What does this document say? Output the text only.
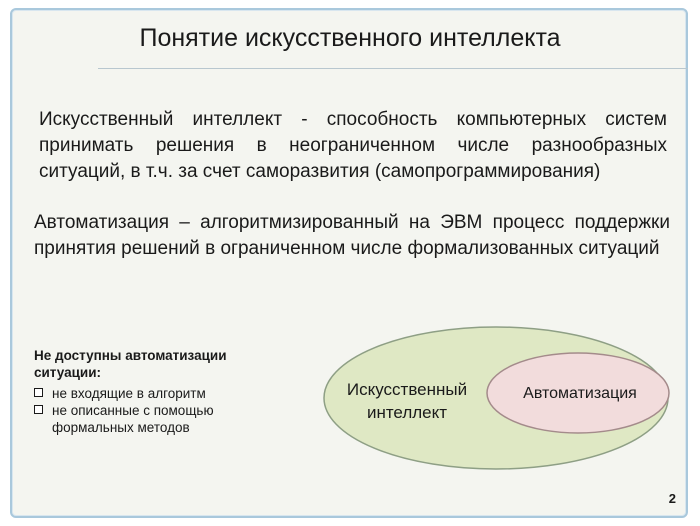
Понятие искусственного интеллекта
Искусственный интеллект - способность компьютерных систем принимать решения в неограниченном числе разнообразных ситуаций, в т.ч. за счет саморазвития (самопрограммирования)
Автоматизация – алгоритмизированный на ЭВМ процесс поддержки принятия решений в ограниченном числе формализованных ситуаций
Не доступны автоматизации ситуации:
не входящие в алгоритм
не описанные с помощью формальных методов
Искусственный интеллект
Автоматизация
2
